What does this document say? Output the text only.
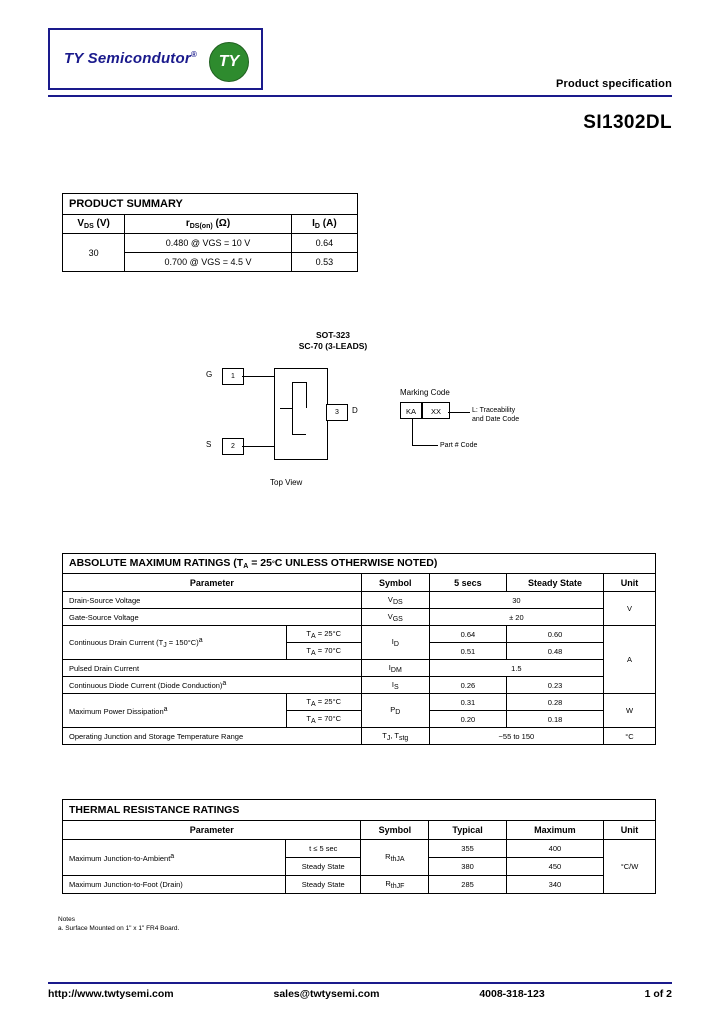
TY Semicondutor®	TY
Product specification
SI1302DL
PRODUCT SUMMARY		
$V_{DS}$ (V)	$r_{DS(on)}$ (Ω)	$I_D$ (A)
30	0.480 @ VGS = 10 V	0.64
	0.700 @ VGS = 4.5 V	0.53
SOT-323
SC-70 (3-LEADS)
1
G
2
S
3	D
Top View
Marking Code
KA	XX	L: Traceability
and Date Code
Part # Code
ABSOLUTE MAXIMUM RATINGS ($T_A = 25^\circ C$ UNLESS OTHERWISE NOTED)					
Parameter		Symbol	5 secs	Steady State	Unit
Drain-Source Voltage		$V_{DS}$	30		V
Gate-Source Voltage		$V_{GS}$	± 20		
Continuous Drain Current $(T_J = 150^\circ C)^a$	$T_A = 25^\circ C$	$I_D$	0.64	0.60	A
	$T_A = 70^\circ C$		0.51	0.48	
Pulsed Drain Current		$I_{DM}$	1.5		
Continuous Diode Current (Diode Conduction)$^a$		$I_S$	0.26	0.23	
Maximum Power Dissipation$^a$	$T_A = 25^\circ C$	$P_D$	0.31	0.28	W
	$T_A = 70^\circ C$		0.20	0.18	
Operating Junction and Storage Temperature Range		$T_J$, $T_{stg}$	−55 to 150		°C
THERMAL RESISTANCE RATINGS					
Parameter		Symbol	Typical	Maximum	Unit
Maximum Junction-to-Ambient$^a$	t ≤ 5 sec	$R_{thJA}$	355	400	°C/W
	Steady State		380	450	
Maximum Junction-to-Foot (Drain)	Steady State	$R_{thJF}$	285	340	
Notes
a. Surface Mounted on 1" x 1" FR4 Board.
http://www.twtysemi.com	sales@twtysemi.com	4008-318-123	1 of 2
